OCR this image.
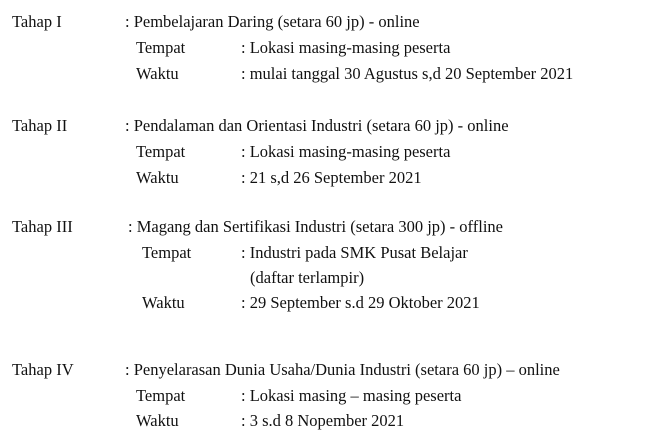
Tahap I	: Pembelajaran Daring (setara 60 jp) - online
Tempat	: Lokasi masing-masing peserta
Waktu	: mulai tanggal 30 Agustus s,d 20 September 2021
Tahap II	: Pendalaman dan Orientasi Industri (setara 60 jp) - online
Tempat	: Lokasi masing-masing peserta
Waktu	: 21 s,d 26 September 2021
Tahap III	: Magang dan Sertifikasi Industri (setara 300 jp) - offline
Tempat	: Industri pada SMK Pusat Belajar
(daftar terlampir)
Waktu	: 29 September s.d 29 Oktober 2021
Tahap IV	: Penyelarasan Dunia Usaha/Dunia Industri (setara 60 jp) – online
Tempat	: Lokasi masing – masing peserta
Waktu	: 3 s.d 8 Nopember 2021
